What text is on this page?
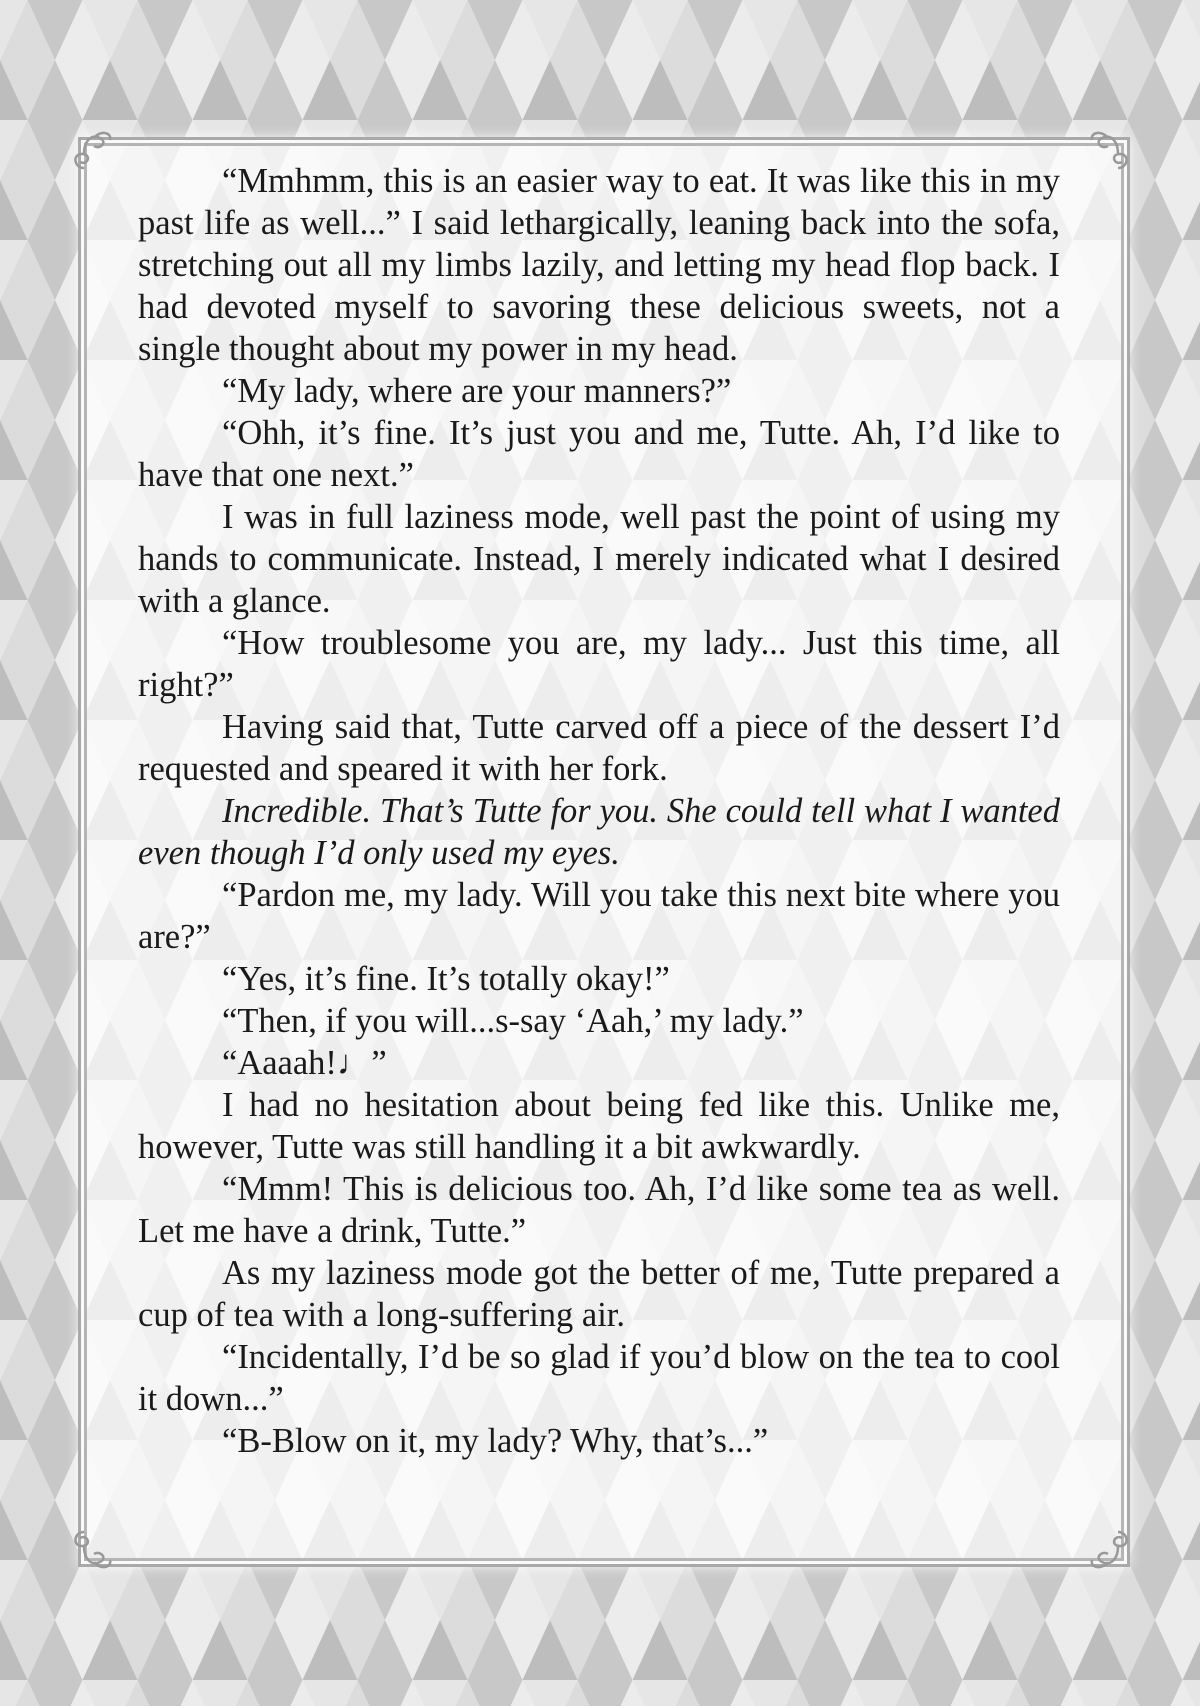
“Mmhmm, this is an easier way to eat. It was like this in my past life as well...” I said lethargically, leaning back into the sofa, stretching out all my limbs lazily, and letting my head flop back. I had devoted myself to savoring these delicious sweets, not a single thought about my power in my head.

“My lady, where are your manners?”

“Ohh, it’s fine. It’s just you and me, Tutte. Ah, I’d like to have that one next.”

I was in full laziness mode, well past the point of using my hands to communicate. Instead, I merely indicated what I desired with a glance.

“How troublesome you are, my lady... Just this time, all right?”

Having said that, Tutte carved off a piece of the dessert I’d requested and speared it with her fork.

Incredible. That’s Tutte for you. She could tell what I wanted even though I’d only used my eyes.

“Pardon me, my lady. Will you take this next bite where you are?”

“Yes, it’s fine. It’s totally okay!”

“Then, if you will...s-say ‘Aah,’ my lady.”

“Aaaah!♩”

I had no hesitation about being fed like this. Unlike me, however, Tutte was still handling it a bit awkwardly.

“Mmm! This is delicious too. Ah, I’d like some tea as well. Let me have a drink, Tutte.”

As my laziness mode got the better of me, Tutte prepared a cup of tea with a long-suffering air.

“Incidentally, I’d be so glad if you’d blow on the tea to cool it down...”

“B-Blow on it, my lady? Why, that’s...”
